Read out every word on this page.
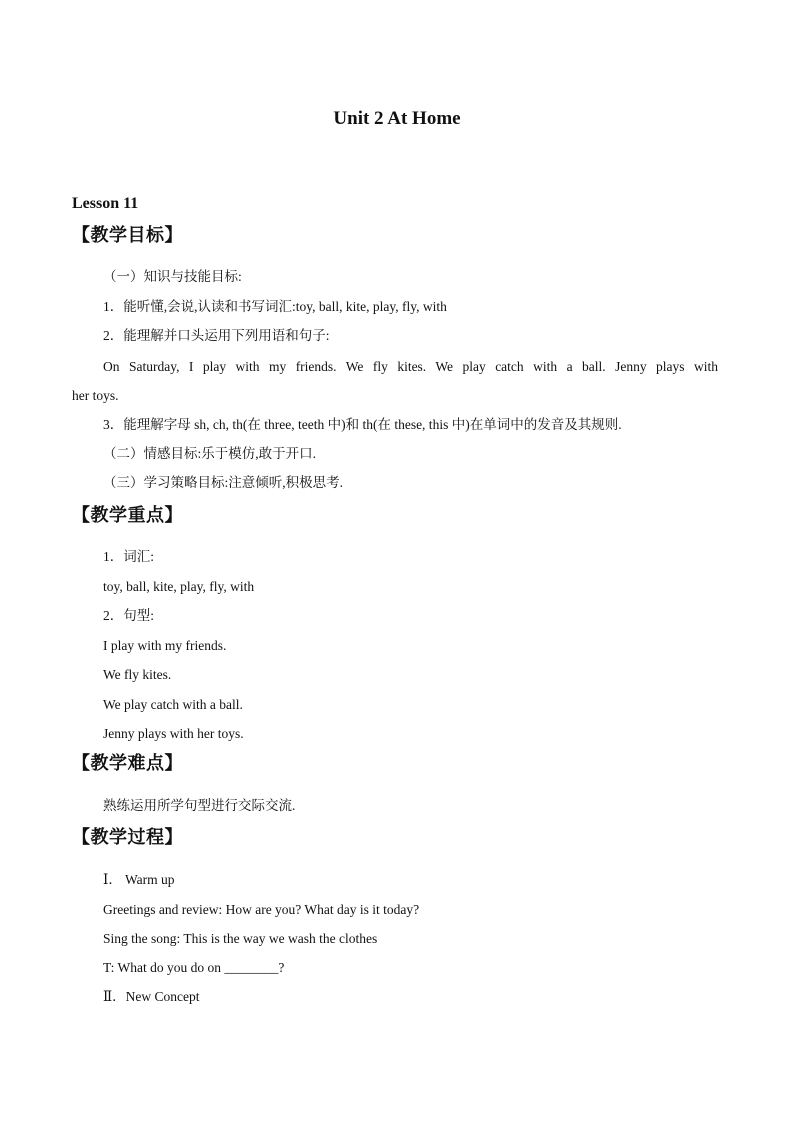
Unit 2 At Home
Lesson 11
【教学目标】
（一）知识与技能目标:
1．能听懂,会说,认读和书写词汇:toy, ball, kite, play, fly, with
2．能理解并口头运用下列用语和句子:
On Saturday, I play with my friends. We fly kites. We play catch with a ball. Jenny plays with
her toys.
3．能理解字母 sh, ch, th(在 three, teeth 中)和 th(在 these, this 中)在单词中的发音及其规则.
（二）情感目标:乐于模仿,敢于开口.
（三）学习策略目标:注意倾听,积极思考.
【教学重点】
1．词汇:
toy, ball, kite, play, fly, with
2．句型:
I play with my friends.
We fly kites.
We play catch with a ball.
Jenny plays with her toys.
【教学难点】
熟练运用所学句型进行交际交流.
【教学过程】
Ⅰ． Warm up
Greetings and review: How are you? What day is it today?
Sing the song: This is the way we wash the clothes
T: What do you do on ________?
Ⅱ．New Concept
